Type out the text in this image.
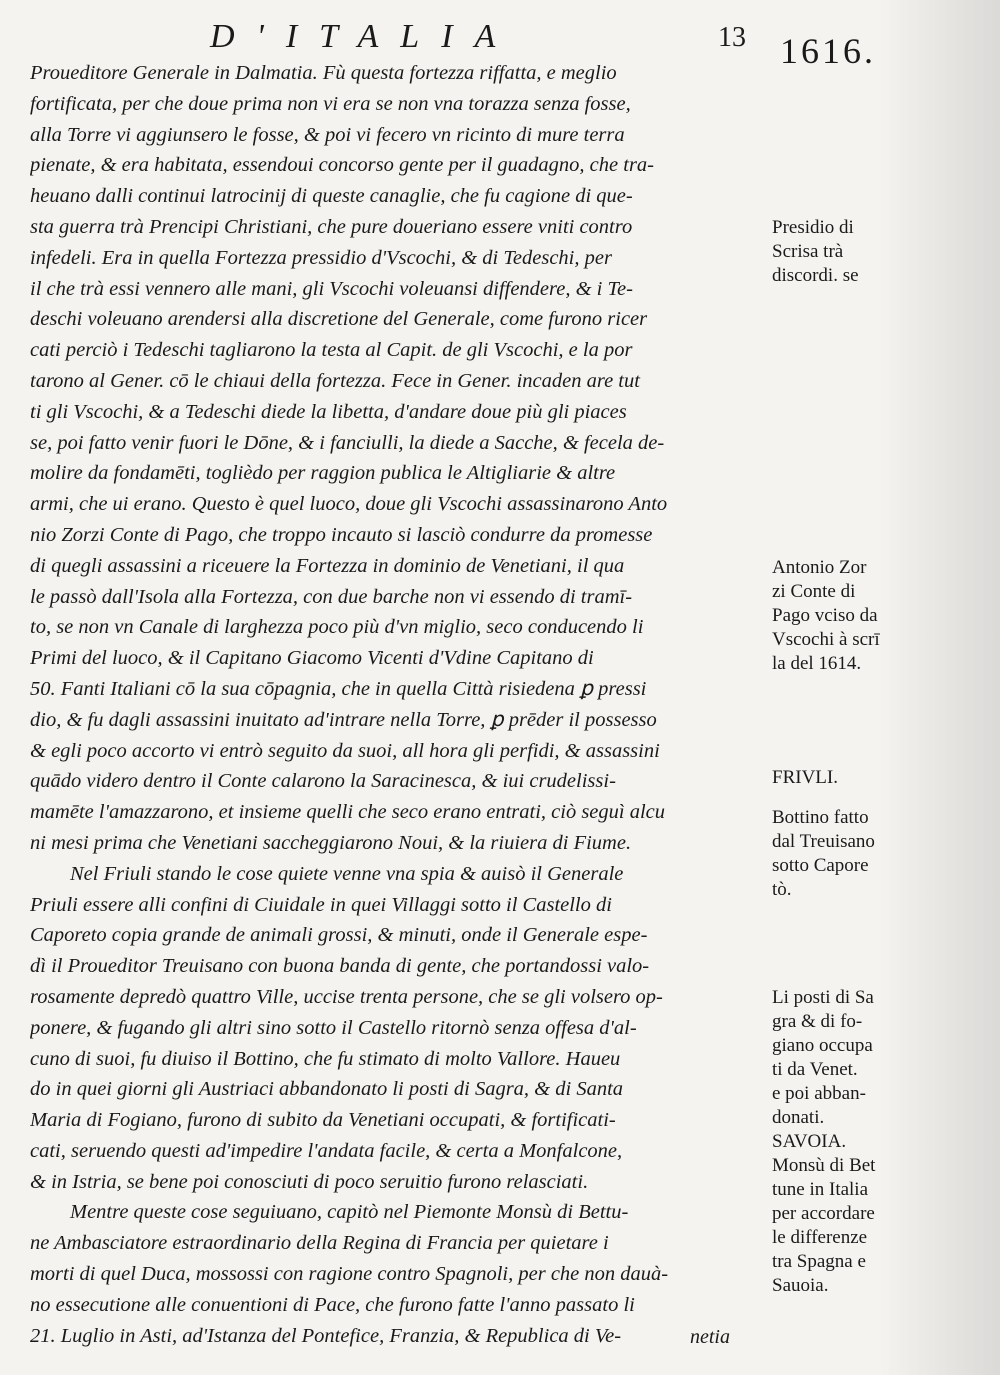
D'ITALIA	13 1616.
Proueditore Generale in Dalmatia. Fù questa fortezza riffatta, e meglio
fortificata, per che doue prima non vi era se non vna torazza senza fosse,
alla Torre vi aggiunsero le fosse, & poi vi fecero vn ricinto di mure terra
pienate, & era habitata, essendoui concorso gente per il guadagno, che tra-
heuano dalli continui latrocinij di queste canaglie, che fu cagione di que-
sta guerra trà Prencipi Christiani, che pure doueriano essere vniti contro
infedeli. Era in quella Fortezza pressidio d'Vscochi, & di Tedeschi, per
il che trà essi vennero alle mani, gli Vscochi voleuansi diffendere, & i Te-
deschi voleuano arendersi alla discretione del Generale, come furono ricer
cati perciò i Tedeschi tagliarono la testa al Capit. de gli Vscochi, e la por
tarono al Gener. cō le chiaui della fortezza. Fece in Gener. incaden are tut
ti gli Vscochi, & a Tedeschi diede la libetta, d'andare doue più gli piaces
se, poi fatto venir fuori le Dōne, & i fanciulli, la diede a Sacche, & fecela de-
molire da fondamēti, toglièdo per raggion publica le Altigliarie & altre
armi, che ui erano. Questo è quel luoco, doue gli Vscochi assassinarono Anto
nio Zorzi Conte di Pago, che troppo incauto si lasciò condurre da promesse
di quegli assassini a riceuere la Fortezza in dominio de Venetiani, il qua
le passò dall'Isola alla Fortezza, con due barche non vi essendo di tramī-
to, se non vn Canale di larghezza poco più d'vn miglio, seco conducendo li
Primi del luoco, & il Capitano Giacomo Vicenti d'Vdine Capitano di
50. Fanti Italiani cō la sua cōpagnia, che in quella Città risiedena ꝑ pressi
dio, & fu dagli assassini inuitato ad'intrare nella Torre, ꝑ prēder il possesso
& egli poco accorto vi entrò seguito da suoi, all hora gli perfidi, & assassini
quādo videro dentro il Conte calarono la Saracinesca, & iui crudelissi-
mamēte l'amazzarono, et insieme quelli che seco erano entrati, ciò seguì alcu
ni mesi prima che Venetiani saccheggiarono Noui, & la riuiera di Fiume.
Nel Friuli stando le cose quiete venne vna spia & auisò il Generale
Priuli essere alli confini di Ciuidale in quei Villaggi sotto il Castello di
Caporeto copia grande de animali grossi, & minuti, onde il Generale espe-
dì il Proueditor Treuisano con buona banda di gente, che portandossi valo-
rosamente depredò quattro Ville, uccise trenta persone, che se gli volsero op-
ponere, & fugando gli altri sino sotto il Castello ritornò senza offesa d'al-
cuno di suoi, fu diuiso il Bottino, che fu stimato di molto Vallore. Haueu
do in quei giorni gli Austriaci abbandonato li posti di Sagra, & di Santa
Maria di Fogiano, furono di subito da Venetiani occupati, & fortificati-
cati, seruendo questi ad'impedire l'andata facile, & certa a Monfalcone,
& in Istria, se bene poi conosciuti di poco seruitio furono relasciati.
Mentre queste cose seguiuano, capitò nel Piemonte Monsù di Bettu-
ne Ambasciatore estraordinario della Regina di Francia per quietare i
morti di quel Duca, mossossi con ragione contro Spagnoli, per che non dauà-
no essecutione alle conuentioni di Pace, che furono fatte l'anno passato li
21. Luglio in Asti, ad'Istanza del Pontefice, Franzia, & Republica di Ve-	netia
Presidio di
Scrisa trà
discordi. se
Antonio Zor
zi Conte di
Pago vciso da
Vscochi à scrī
la del 1614.
FRIVLI.
Bottino fatto
dal Treuisano
sotto Capore
tò.
Li posti di Sa
gra & di fo-
giano occupa
ti da Venet.
e poi abban-
donati.
SAVOIA.
Monsù di Bet
tune in Italia
per accordare
le differenze
tra Spagna e
Sauoia.
